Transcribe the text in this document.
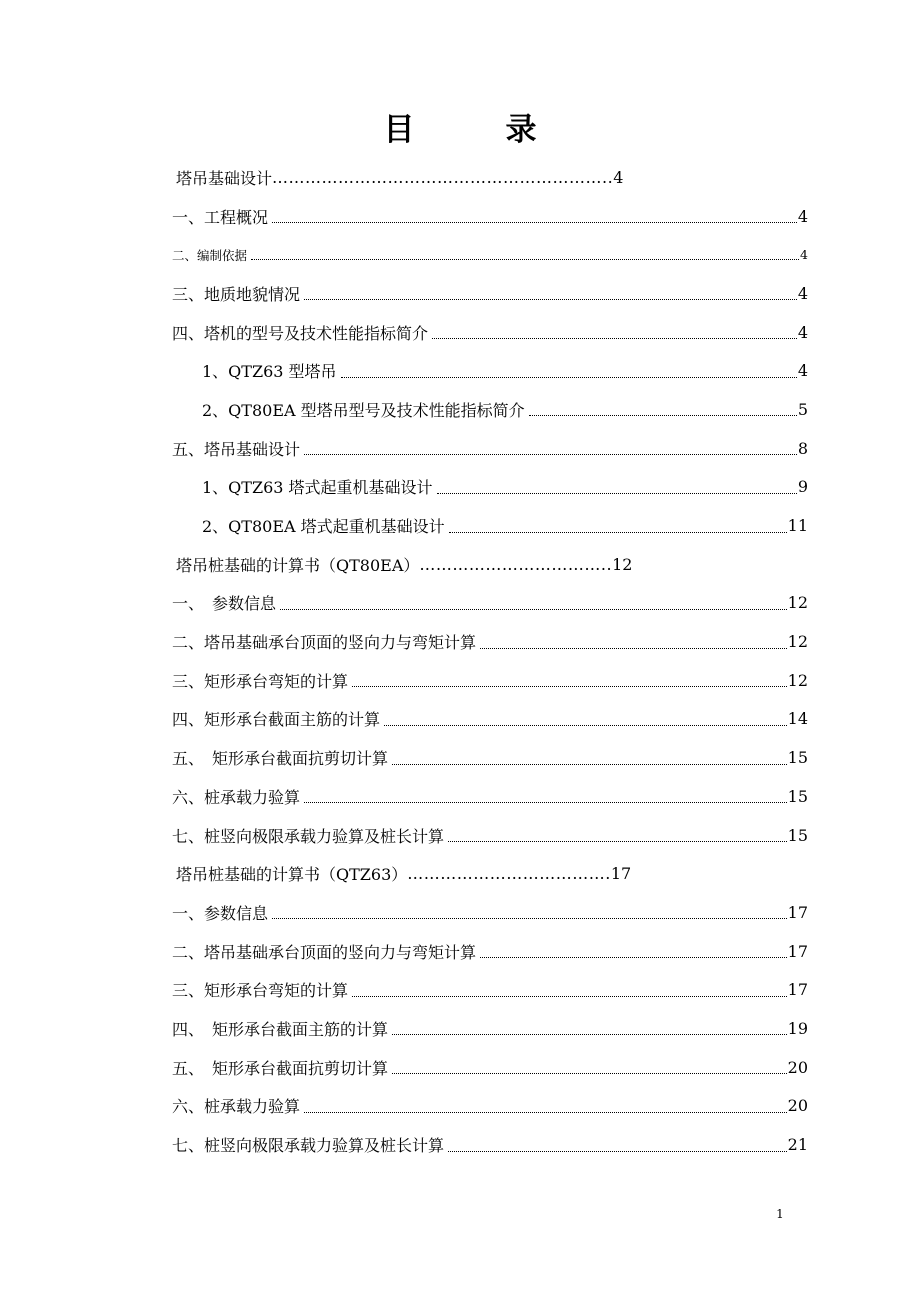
目　录
塔吊基础设计 …………………………………………………….. 4
一、工程概况	4
二、编制依据	4
三、地质地貌情况	4
四、塔机的型号及技术性能指标简介	4
1、QTZ63 型塔吊	4
2、QT80EA 型塔吊型号及技术性能指标简介	5
五、塔吊基础设计	8
1、QTZ63 塔式起重机基础设计	9
2、QT80EA 塔式起重机基础设计	11
塔吊桩基础的计算书（QT80EA） …………………………….. 12
一、　参数信息	12
二、塔吊基础承台顶面的竖向力与弯矩计算	12
三、矩形承台弯矩的计算	12
四、矩形承台截面主筋的计算	14
五、　矩形承台截面抗剪切计算	15
六、桩承载力验算	15
七、桩竖向极限承载力验算及桩长计算	15
塔吊桩基础的计算书（QTZ63） ………………………………. 17
一、参数信息	17
二、塔吊基础承台顶面的竖向力与弯矩计算	17
三、矩形承台弯矩的计算	17
四、　矩形承台截面主筋的计算	19
五、　矩形承台截面抗剪切计算	20
六、桩承载力验算	20
七、桩竖向极限承载力验算及桩长计算	21
1
